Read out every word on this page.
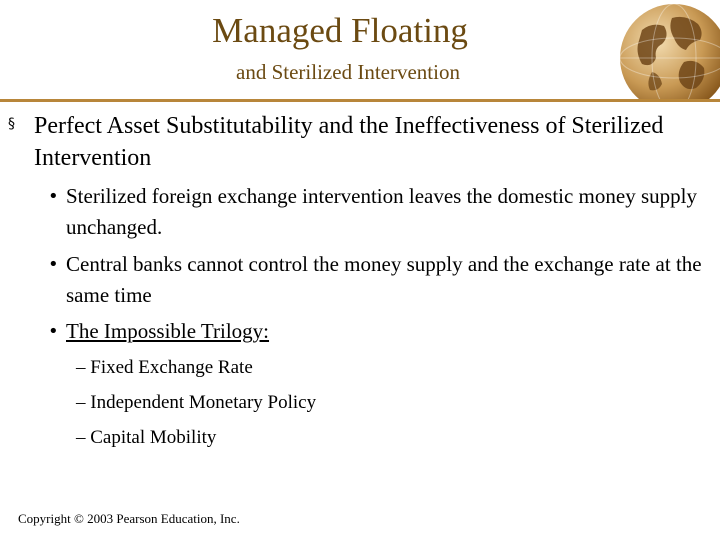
Managed Floating
and Sterilized Intervention
§ Perfect Asset Substitutability and the Ineffectiveness of Sterilized Intervention
• Sterilized foreign exchange intervention leaves the domestic money supply unchanged.
• Central banks cannot control the money supply and the exchange rate at the same time
• The Impossible Trilogy:
– Fixed Exchange Rate
– Independent Monetary Policy
– Capital Mobility
Copyright © 2003 Pearson Education, Inc.
